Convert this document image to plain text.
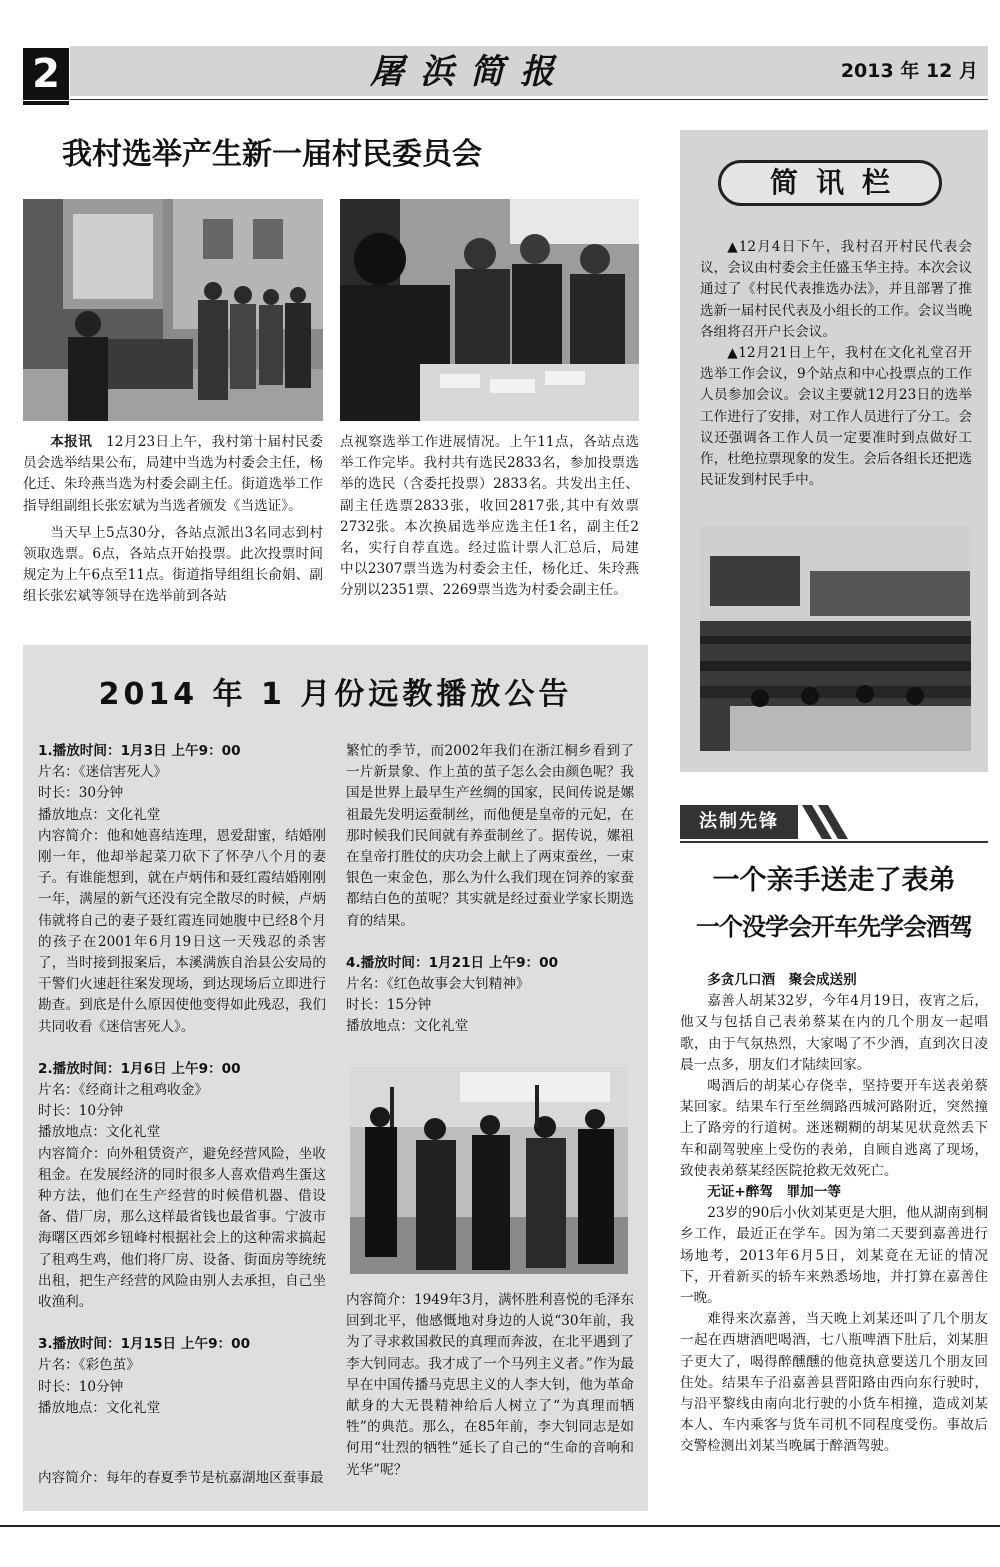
2	屠浜简报	2013 年 12 月
我村选举产生新一届村民委员会

本报讯　 12月23日上午，我村第十届村民委员会选举结果公布，局建中当选为村委会主任，杨化迁、朱玲燕当选为村委会副主任。街道选举工作指导组副组长张宏斌为当选者颁发《当选证》。

当天早上5点30分，各站点派出3名同志到村领取选票。6点，各站点开始投票。此次投票时间规定为上午6点至11点。街道指导组组长俞娟、副组长张宏斌等领导在选举前到各站

点视察选举工作进展情况。上午11点，各站点选举工作完毕。我村共有选民2833名，参加投票选举的选民（含委托投票）2833名。共发出主任、副主任选票2833张，收回2817张,其中有效票2732张。本次换届选举应选主任1名，副主任2名，实行自荐直选。经过监计票人汇总后，局建中以2307票当选为村委会主任，杨化迁、朱玲燕分别以2351票、2269票当选为村委会副主任。

简讯栏

▲12月4日下午，我村召开村民代表会议，会议由村委会主任盛玉华主持。本次会议通过了《村民代表推选办法》，并且部署了推选新一届村民代表及小组长的工作。会议当晚各组将召开户长会议。

▲12月21日上午，我村在文化礼堂召开选举工作会议，9个站点和中心投票点的工作人员参加会议。会议主要就12月23日的选举工作进行了安排，对工作人员进行了分工。会议还强调各工作人员一定要准时到点做好工作，杜绝拉票现象的发生。会后各组长还把选民证发到村民手中。

2014 年 1 月份远教播放公告
1.播放时间：1月3日 上午9：00
片名：《迷信害死人》
时长：30分钟
播放地点：文化礼堂

内容简介：他和她喜结连理，恩爱甜蜜，结婚刚刚一年，他却举起菜刀砍下了怀孕八个月的妻子。有谁能想到，就在卢炳伟和聂红霞结婚刚刚一年，满屋的新气还没有完全散尽的时候，卢炳伟就将自己的妻子聂红霞连同她腹中已经8个月的孩子在2001年6月19日这一天残忍的杀害了，当时接到报案后，本溪满族自治县公安局的干警们火速赶往案发现场，到达现场后立即进行勘查。到底是什么原因使他变得如此残忍，我们共同收看《迷信害死人》。

2.播放时间：1月6日 上午9：00
片名：《经商计之租鸡收金》
时长：10分钟
播放地点：文化礼堂

内容简介：向外租赁资产，避免经营风险，坐收租金。在发展经济的同时很多人喜欢借鸡生蛋这种方法，他们在生产经营的时候借机器、借设备、借厂房，那么这样最省钱也最省事。宁波市海曙区西郊乡钮峰村根据社会上的这种需求搞起了租鸡生鸡，他们将厂房、设备、街面房等统统出租，把生产经营的风险由别人去承担，自己坐收渔利。

3.播放时间：1月15日 上午9：00
片名：《彩色茧》
时长：10分钟
播放地点：文化礼堂

内容简介：每年的春夏季节是杭嘉湖地区蚕事最

繁忙的季节，而2002年我们在浙江桐乡看到了一片新景象、作上茧的茧子怎么会由颜色呢？我国是世界上最早生产丝绸的国家，民间传说是嫘祖最先发明运蚕制丝，而他便是皇帝的元妃，在那时候我们民间就有养蚕制丝了。据传说，嫘祖在皇帝打胜仗的庆功会上献上了两束蚕丝，一束银色一束金色，那么为什么我们现在饲养的家蚕都结白色的茧呢？其实就是经过蚕业学家长期选育的结果。

4.播放时间：1月21日 上午9：00
片名：《红色故事会大钊精神》
时长：15分钟
播放地点：文化礼堂

内容简介：1949年3月，满怀胜利喜悦的毛泽东回到北平，他感慨地对身边的人说“30年前，我为了寻求救国救民的真理而奔波，在北平遇到了李大钊同志。我才成了一个马列主义者。”作为最早在中国传播马克思主义的人李大钊，他为革命献身的大无畏精神给后人树立了“为真理而牺牲”的典范。那么，在85年前，李大钊同志是如何用“壮烈的牺牲”延长了自己的“生命的音响和光华”呢？

法制先锋
一个亲手送走了表弟
一个没学会开车先学会酒驾

多贪几口酒　聚会成送别

嘉善人胡某32岁，今年4月19日，夜宵之后，他又与包括自己表弟蔡某在内的几个朋友一起唱歌，由于气氛热烈，大家喝了不少酒，直到次日凌晨一点多，朋友们才陆续回家。

喝酒后的胡某心存侥幸，坚持要开车送表弟蔡某回家。结果车行至丝绸路西城河路附近，突然撞上了路旁的行道树。迷迷糊糊的胡某见状竟然丢下车和副驾驶座上受伤的表弟，自顾自逃离了现场，致使表弟蔡某经医院抢救无效死亡。

无证+醉驾　罪加一等

23岁的90后小伙刘某更是大胆，他从湖南到桐乡工作，最近正在学车。因为第二天要到嘉善进行场地考，2013年6月5日，刘某竟在无证的情况下，开着新买的轿车来熟悉场地，并打算在嘉善住一晚。

难得来次嘉善，当天晚上刘某还叫了几个朋友一起在西塘酒吧喝酒，七八瓶啤酒下肚后，刘某胆子更大了，喝得醉醺醺的他竟执意要送几个朋友回住处。结果车子沿嘉善县晋阳路由西向东行驶时，与沿平黎线由南向北行驶的小货车相撞，造成刘某本人、车内乘客与货车司机不同程度受伤。事故后交警检测出刘某当晚属于醉酒驾驶。
